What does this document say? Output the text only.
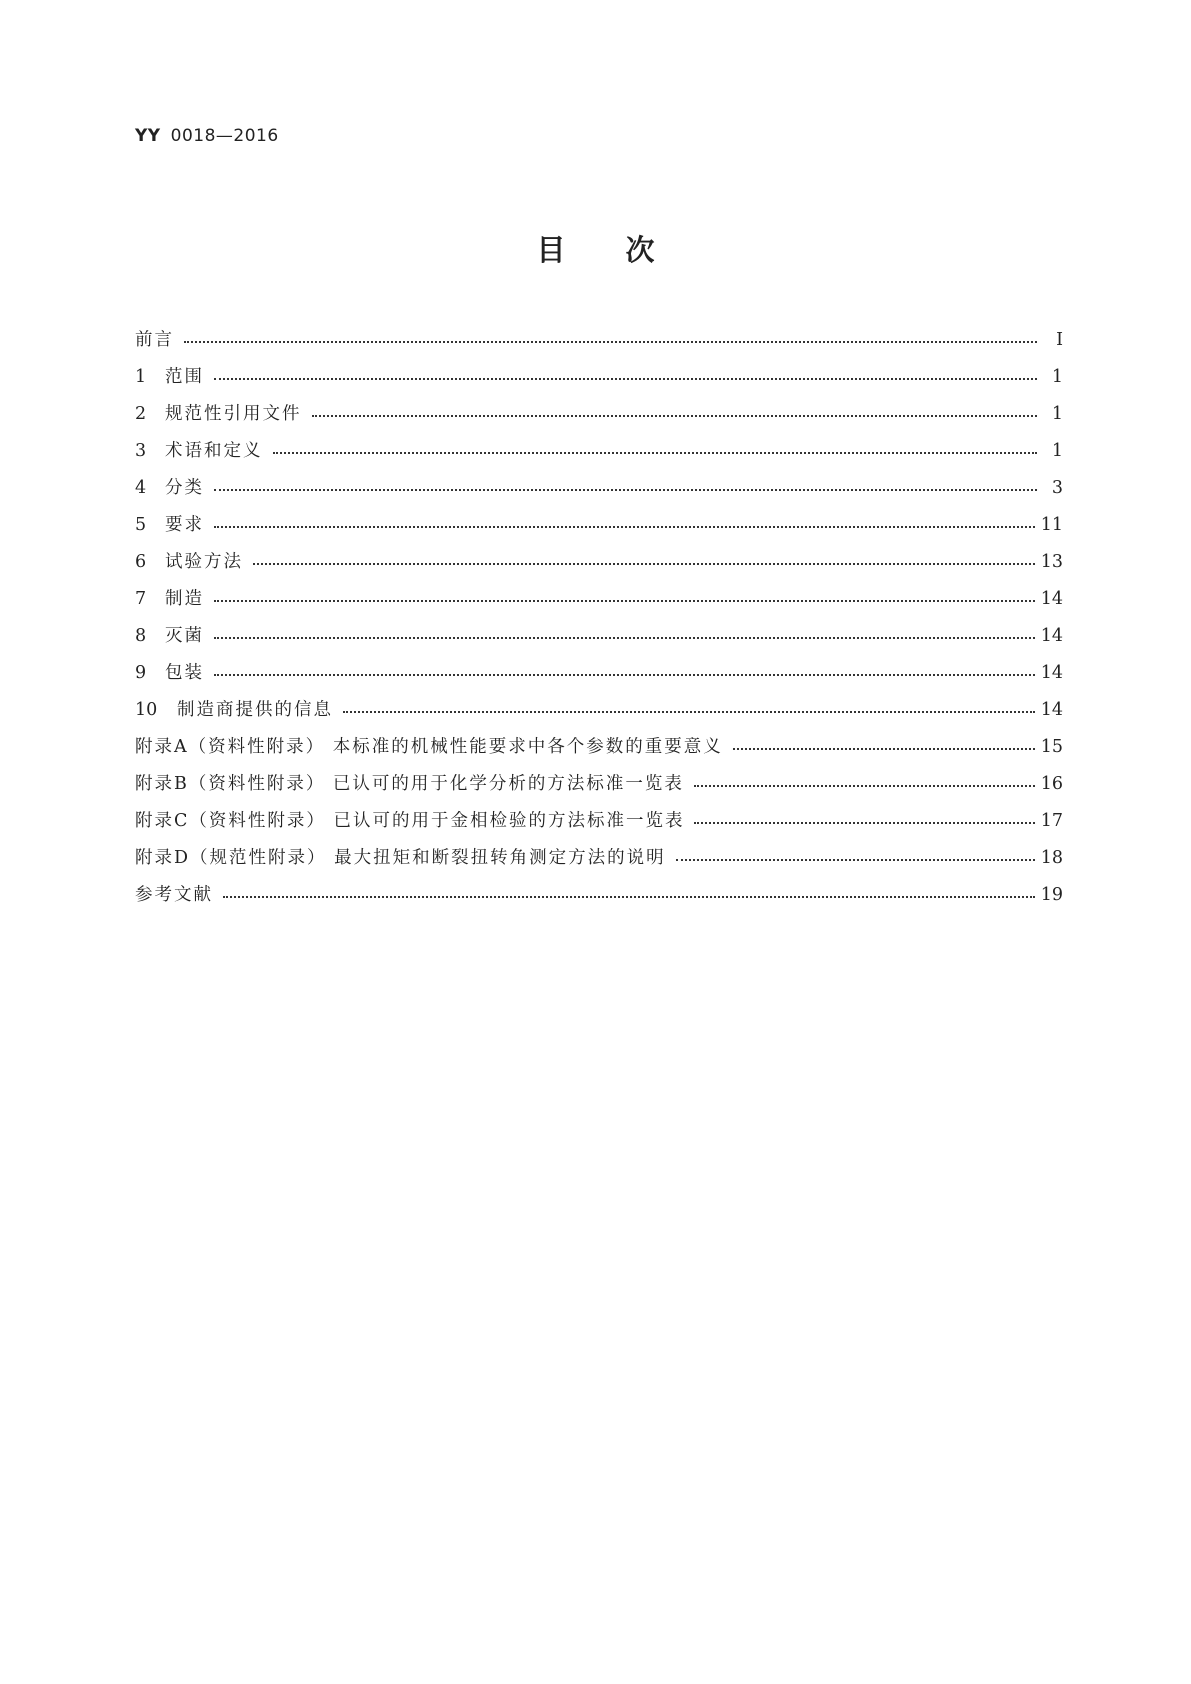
YY 0018—2016
目次
前言	Ⅰ
1	范围	1
2	规范性引用文件	1
3	术语和定义	1
4	分类	3
5	要求	11
6	试验方法	13
7	制造	14
8	灭菌	14
9	包装	14
10	制造商提供的信息	14
附录A（资料性附录） 本标准的机械性能要求中各个参数的重要意义	15
附录B（资料性附录） 已认可的用于化学分析的方法标准一览表	16
附录C（资料性附录） 已认可的用于金相检验的方法标准一览表	17
附录D（规范性附录） 最大扭矩和断裂扭转角测定方法的说明	18
参考文献	19
